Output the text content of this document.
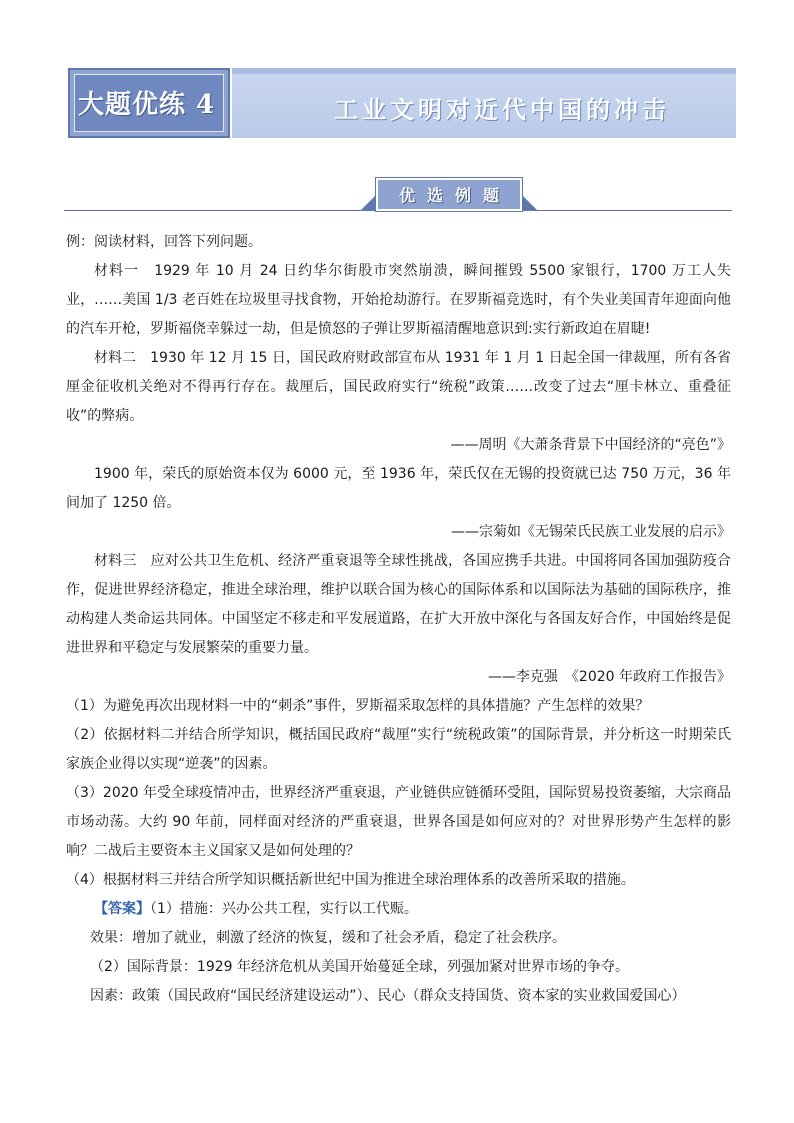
大题优练 4	工业文明对近代中国的冲击
优选例题

例：阅读材料，回答下列问题。

材料一　1929 年 10 月 24 日约华尔街股市突然崩溃，瞬间摧毁 5500 家银行，1700 万工人失业，……美国 1/3 老百姓在垃圾里寻找食物，开始抢劫游行。在罗斯福竞选时，有个失业美国青年迎面向他的汽车开枪，罗斯福侥幸躲过一劫，但是愤怒的子弹让罗斯福清醒地意识到:实行新政迫在眉睫!

材料二　1930 年 12 月 15 日，国民政府财政部宣布从 1931 年 1 月 1 日起全国一律裁厘，所有各省厘金征收机关绝对不得再行存在。裁厘后，国民政府实行“统税”政策……改变了过去“厘卡林立、重叠征收”的弊病。

——周明《大萧条背景下中国经济的“亮色”》

1900 年，荣氏的原始资本仅为 6000 元，至 1936 年，荣氏仅在无锡的投资就已达 750 万元，36 年间加了 1250 倍。

——宗菊如《无锡荣氏民族工业发展的启示》

材料三　应对公共卫生危机、经济严重衰退等全球性挑战，各国应携手共进。中国将同各国加强防疫合作，促进世界经济稳定，推进全球治理，维护以联合国为核心的国际体系和以国际法为基础的国际秩序，推动构建人类命运共同体。中国坚定不移走和平发展道路，在扩大开放中深化与各国友好合作，中国始终是促进世界和平稳定与发展繁荣的重要力量。

——李克强　《2020 年政府工作报告》

（1）为避免再次出现材料一中的“刺杀”事件，罗斯福采取怎样的具体措施？产生怎样的效果？

（2）依据材料二并结合所学知识，概括国民政府“裁厘”实行“统税政策”的国际背景，并分析这一时期荣氏家族企业得以实现“逆袭”的因素。

（3）2020 年受全球疫情冲击，世界经济严重衰退，产业链供应链循环受阻，国际贸易投资萎缩，大宗商品市场动荡。大约 90 年前，同样面对经济的严重衰退，世界各国是如何应对的？对世界形势产生怎样的影响？二战后主要资本主义国家又是如何处理的？

（4）根据材料三并结合所学知识概括新世纪中国为推进全球治理体系的改善所采取的措施。

【答案】（1）措施：兴办公共工程，实行以工代赈。

效果：增加了就业，刺激了经济的恢复，缓和了社会矛盾，稳定了社会秩序。

（2）国际背景：1929 年经济危机从美国开始蔓延全球，列强加紧对世界市场的争夺。

因素：政策（国民政府“国民经济建设运动”）、民心（群众支持国货、资本家的实业救国爱国心）
